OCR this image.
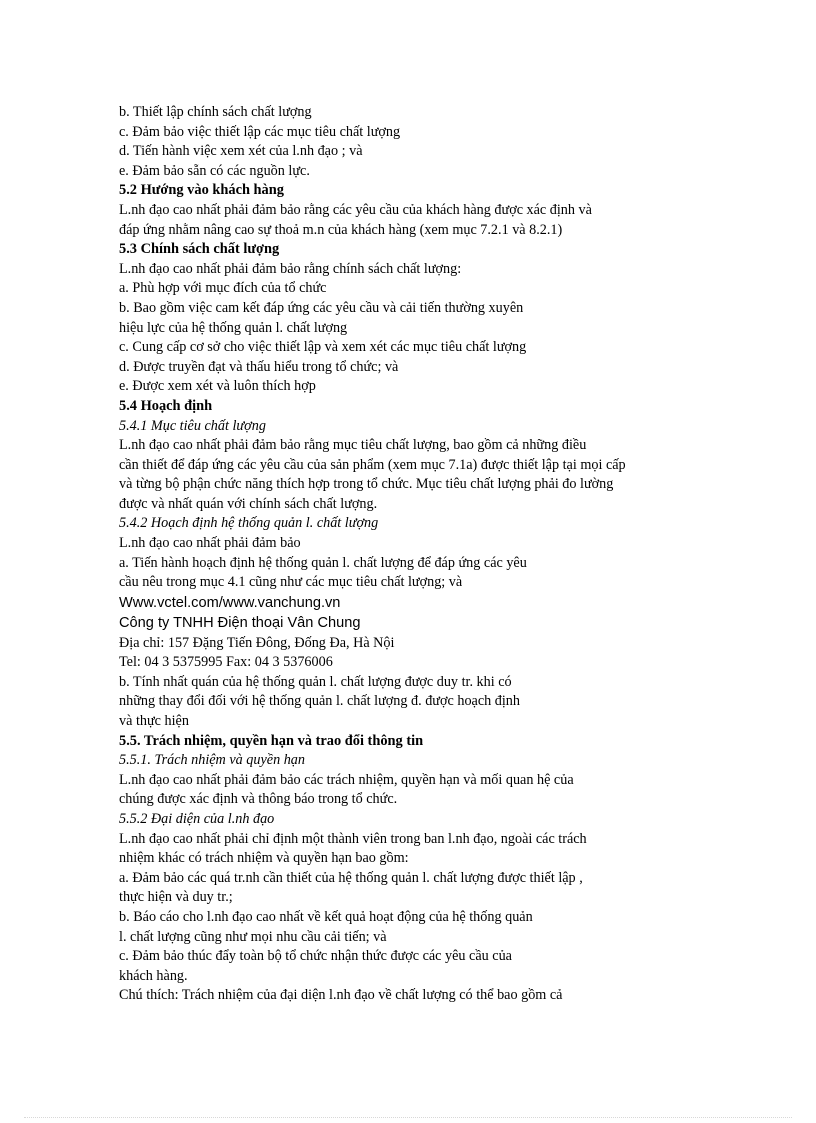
b. Thiết lập chính sách chất lượng
c. Đảm bảo việc thiết lập các mục tiêu chất lượng
d. Tiến hành việc xem xét của l.nh đạo ; và
e. Đảm bảo sẵn có các nguồn lực.
5.2 Hướng vào khách hàng
L.nh đạo cao nhất phải đảm bảo rằng các yêu cầu của khách hàng được xác định và
đáp ứng nhằm nâng cao sự thoả m.n của khách hàng (xem mục 7.2.1 và 8.2.1)
5.3 Chính sách chất lượng
L.nh đạo cao nhất phải đảm bảo rằng chính sách chất lượng:
a. Phù hợp với mục đích của tổ chức
b. Bao gồm việc cam kết đáp ứng các yêu cầu và cải tiến thường xuyên
hiệu lực của hệ thống quản l. chất lượng
c. Cung cấp cơ sở cho việc thiết lập và xem xét các mục tiêu chất lượng
d. Được truyền đạt và thấu hiểu trong tổ chức; và
e. Được xem xét và luôn thích hợp
5.4 Hoạch định
5.4.1 Mục tiêu chất lượng
L.nh đạo cao nhất phải đảm bảo rằng mục tiêu chất lượng, bao gồm cả những điều
cần thiết để đáp ứng các yêu cầu của sản phẩm (xem mục 7.1a) được thiết lập tại mọi cấp
và từng bộ phận chức năng thích hợp trong tổ chức. Mục tiêu chất lượng phải đo lường
được và nhất quán với chính sách chất lượng.
5.4.2 Hoạch định hệ thống quản l. chất lượng
L.nh đạo cao nhất phải đảm bảo
a. Tiến hành hoạch định hệ thống quản l. chất lượng để đáp ứng các yêu
cầu nêu trong mục 4.1 cũng như các mục tiêu chất lượng; và
Www.vctel.com/www.vanchung.vn
Công ty TNHH Điện thoại Vân Chung
Địa chỉ: 157 Đặng Tiến Đông, Đống Đa, Hà Nội
Tel: 04 3 5375995 Fax: 04 3 5376006
b. Tính nhất quán của hệ thống quản l. chất lượng được duy tr. khi có
những thay đổi đối với hệ thống quản l. chất lượng đ. được hoạch định
và thực hiện
5.5. Trách nhiệm, quyền hạn và trao đổi thông tin
5.5.1. Trách nhiệm và quyền hạn
L.nh đạo cao nhất phải đảm bảo các trách nhiệm, quyền hạn và mối quan hệ của
chúng được xác định và thông báo trong tổ chức.
5.5.2 Đại diện của l.nh đạo
L.nh đạo cao nhất phải chỉ định một thành viên trong ban l.nh đạo, ngoài các trách
nhiệm khác có trách nhiệm và quyền hạn bao gồm:
a. Đảm bảo các quá tr.nh cần thiết của hệ thống quản l. chất lượng được thiết lập ,
thực hiện và duy tr.;
b. Báo cáo cho l.nh đạo cao nhất về kết quả hoạt động của hệ thống quản
l. chất lượng cũng như mọi nhu cầu cải tiến; và
c. Đảm bảo thúc đẩy toàn bộ tổ chức nhận thức được các yêu cầu của
khách hàng.
Chú thích: Trách nhiệm của đại diện l.nh đạo về chất lượng có thể bao gồm cả
